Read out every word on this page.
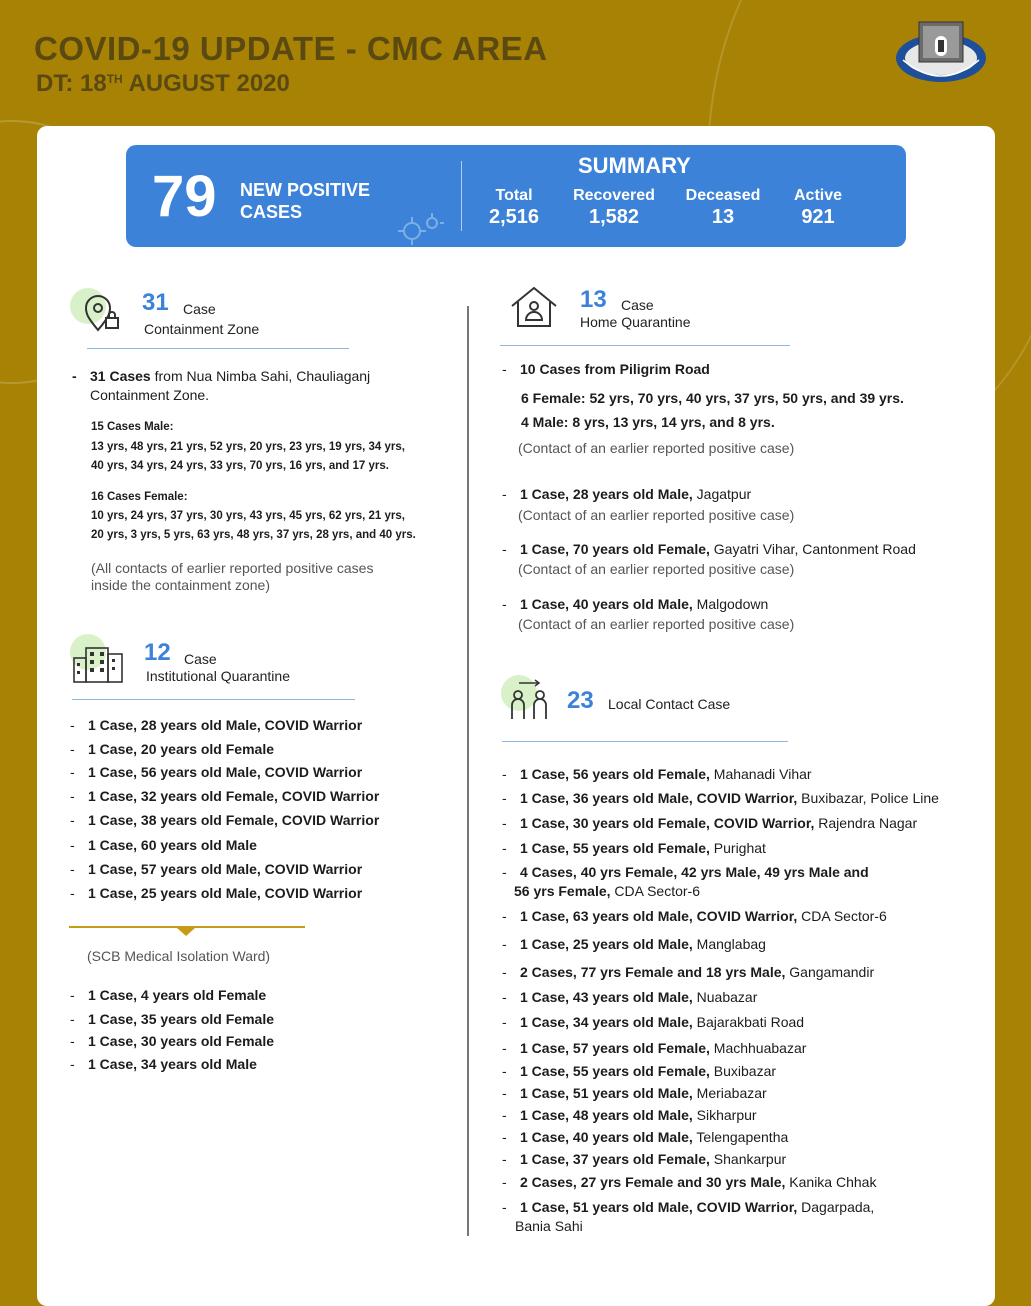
COVID-19 UPDATE - CMC AREA
DT: 18TH AUGUST 2020
79 NEW POSITIVE CASES
SUMMARY
Total
2,516
Recovered
1,582
Deceased
13
Active
921
31 Case
Containment Zone
- 31 Cases from Nua Nimba Sahi, Chauliaganj
Containment Zone.
15 Cases Male:
13 yrs, 48 yrs, 21 yrs, 52 yrs, 20 yrs, 23 yrs, 19 yrs, 34 yrs,
40 yrs, 34 yrs, 24 yrs, 33 yrs, 70 yrs, 16 yrs, and 17 yrs.
16 Cases Female:
10 yrs, 24 yrs, 37 yrs, 30 yrs, 43 yrs, 45 yrs, 62 yrs, 21 yrs,
20 yrs, 3 yrs, 5 yrs, 63 yrs, 48 yrs, 37 yrs, 28 yrs, and 40 yrs.
(All contacts of earlier reported positive cases
inside the containment zone)
12 Case
Institutional Quarantine
- 1 Case, 28 years old Male, COVID Warrior
- 1 Case, 20 years old Female
- 1 Case, 56 years old Male, COVID Warrior
- 1 Case, 32 years old Female, COVID Warrior
- 1 Case, 38 years old Female, COVID Warrior
- 1 Case, 60 years old Male
- 1 Case, 57 years old Male, COVID Warrior
- 1 Case, 25 years old Male, COVID Warrior
(SCB Medical Isolation Ward)
- 1 Case, 4 years old Female
- 1 Case, 35 years old Female
- 1 Case, 30 years old Female
- 1 Case, 34 years old Male
13 Case
Home Quarantine
- 10 Cases from Piligrim Road
6 Female: 52 yrs, 70 yrs, 40 yrs, 37 yrs, 50 yrs, and 39 yrs.
4 Male: 8 yrs, 13 yrs, 14 yrs, and 8 yrs.
(Contact of an earlier reported positive case)
- 1 Case, 28 years old Male, Jagatpur
(Contact of an earlier reported positive case)
- 1 Case, 70 years old Female, Gayatri Vihar, Cantonment Road
(Contact of an earlier reported positive case)
- 1 Case, 40 years old Male, Malgodown
(Contact of an earlier reported positive case)
23 Local Contact Case
- 1 Case, 56 years old Female, Mahanadi Vihar
- 1 Case, 36 years old Male, COVID Warrior, Buxibazar, Police Line
- 1 Case, 30 years old Female, COVID Warrior, Rajendra Nagar
- 1 Case, 55 years old Female, Purighat
- 4 Cases, 40 yrs Female, 42 yrs Male, 49 yrs Male and
56 yrs Female, CDA Sector-6
- 1 Case, 63 years old Male, COVID Warrior, CDA Sector-6
- 1 Case, 25 years old Male, Manglabag
- 2 Cases, 77 yrs Female and 18 yrs Male, Gangamandir
- 1 Case, 43 years old Male, Nuabazar
- 1 Case, 34 years old Male, Bajarakbati Road
- 1 Case, 57 years old Female, Machhuabazar
- 1 Case, 55 years old Female, Buxibazar
- 1 Case, 51 years old Male, Meriabazar
- 1 Case, 48 years old Male, Sikharpur
- 1 Case, 40 years old Male, Telengapentha
- 1 Case, 37 years old Female, Shankarpur
- 2 Cases, 27 yrs Female and 30 yrs Male, Kanika Chhak
- 1 Case, 51 years old Male, COVID Warrior, Dagarpada,
Bania Sahi
